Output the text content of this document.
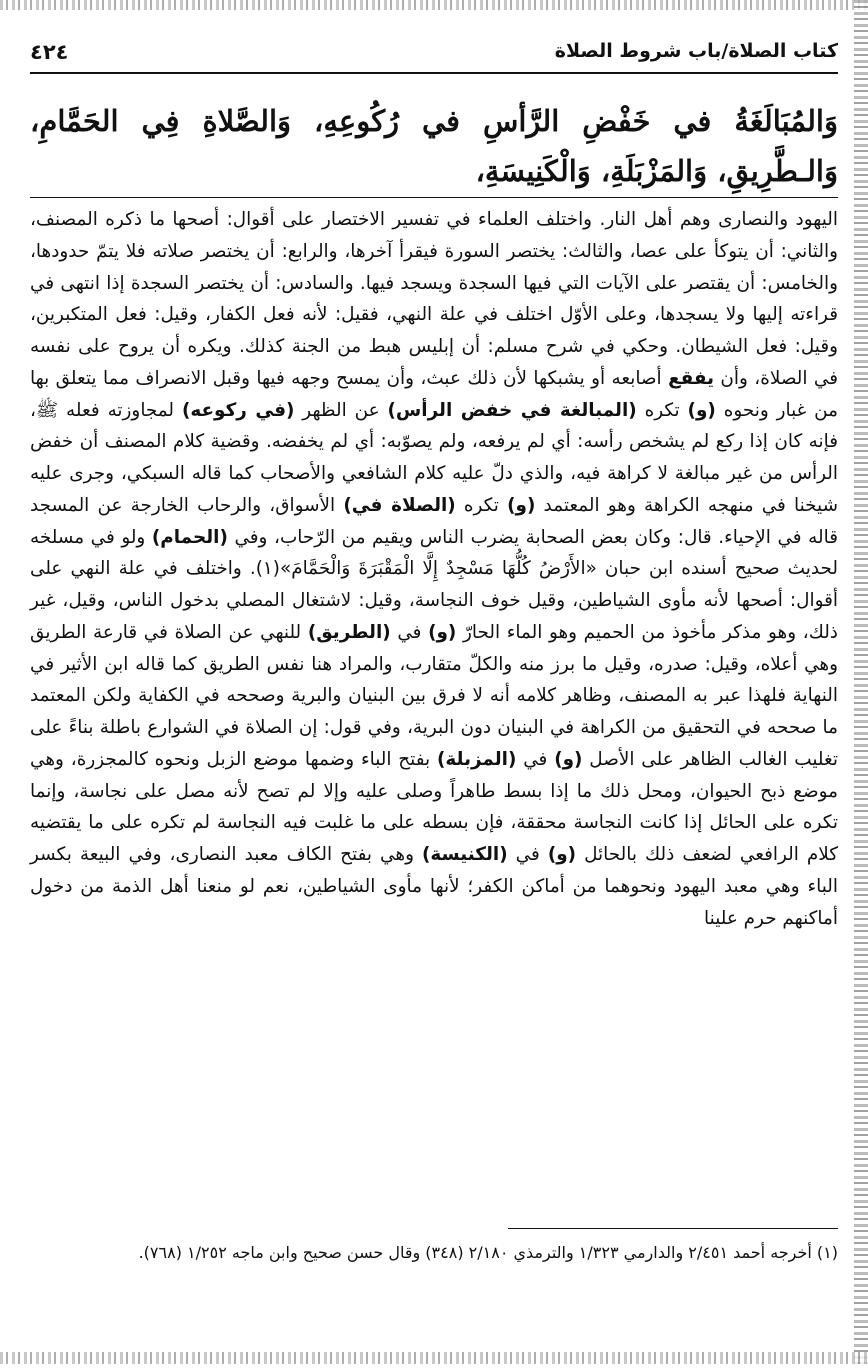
كتاب الصلاة/باب شروط الصلاة
٤٢٤
وَالمُبَالَغَةُ في خَفْضِ الرَّأسِ في رُكُوعِهِ، وَالصَّلاةِ فِي الحَمَّامِ، وَالـطَّرِيقِ، وَالمَزْبَلَةِ، وَالْكَنِيسَةِ،
اليهود والنصارى وهم أهل النار. واختلف العلماء في تفسير الاختصار على أقوال: أصحها ما ذكره المصنف، والثاني: أن يتوكأ على عصا، والثالث: يختصر السورة فيقرأ آخرها، والرابع: أن يختصر صلاته فلا يتمّ حدودها، والخامس: أن يقتصر على الآيات التي فيها السجدة ويسجد فيها. والسادس: أن يختصر السجدة إذا انتهى في قراءته إليها ولا يسجدها، وعلى الأوّل اختلف في علة النهي، فقيل: لأنه فعل الكفار، وقيل: فعل المتكبرين، وقيل: فعل الشيطان. وحكي في شرح مسلم: أن إبليس هبط من الجنة كذلك. ويكره أن يروح على نفسه في الصلاة، وأن يفقع أصابعه أو يشبكها لأن ذلك عبث، وأن يمسح وجهه فيها وقبل الانصراف مما يتعلق بها من غبار ونحوه (و) تكره (المبالغة في خفض الرأس) عن الظهر (في ركوعه) لمجاوزته فعله ﷺ، فإنه كان إذا ركع لم يشخص رأسه: أي لم يرفعه، ولم يصوّبه: أي لم يخفضه. وقضية كلام المصنف أن خفض الرأس من غير مبالغة لا كراهة فيه، والذي دلّ عليه كلام الشافعي والأصحاب كما قاله السبكي، وجرى عليه شيخنا في منهجه الكراهة وهو المعتمد (و) تكره (الصلاة في) الأسواق، والرحاب الخارجة عن المسجد قاله في الإحياء. قال: وكان بعض الصحابة يضرب الناس ويقيم من الرّحاب، وفي (الحمام) ولو في مسلخه لحديث صحيح أسنده ابن حبان «الأَرْضُ كُلُّهَا مَسْجِدٌ إِلَّا الْمَقْبَرَةَ وَالْحَمَّامَ»(١). واختلف في علة النهي على أقوال: أصحها لأنه مأوى الشياطين، وقيل خوف النجاسة، وقيل: لاشتغال المصلي بدخول الناس، وقيل، غير ذلك، وهو مذكر مأخوذ من الحميم وهو الماء الحارّ (و) في (الطريق) للنهي عن الصلاة في قارعة الطريق وهي أعلاه، وقيل: صدره، وقيل ما برز منه والكلّ متقارب، والمراد هنا نفس الطريق كما قاله ابن الأثير في النهاية فلهذا عبر به المصنف، وظاهر كلامه أنه لا فرق بين البنيان والبرية وصححه في الكفاية ولكن المعتمد ما صححه في التحقيق من الكراهة في البنيان دون البرية، وفي قول: إن الصلاة في الشوارع باطلة بناءً على تغليب الغالب الظاهر على الأصل (و) في (المزبلة) بفتح الباء وضمها موضع الزبل ونحوه كالمجزرة، وهي موضع ذبح الحيوان، ومحل ذلك ما إذا بسط طاهراً وصلى عليه وإلا لم تصح لأنه مصل على نجاسة، وإنما تكره على الحائل إذا كانت النجاسة محققة، فإن بسطه على ما غلبت فيه النجاسة لم تكره على ما يقتضيه كلام الرافعي لضعف ذلك بالحائل (و) في (الكنيسة) وهي بفتح الكاف معبد النصارى، وفي البيعة بكسر الباء وهي معبد اليهود ونحوهما من أماكن الكفر؛ لأنها مأوى الشياطين، نعم لو منعنا أهل الذمة من دخول أماكنهم حرم علينا
(١) أخرجه أحمد ٢/٤٥١ والدارمي ١/٣٢٣ والترمذي ٢/١٨٠ (٣٤٨) وقال حسن صحيح وابن ماجه ١/٢٥٢ (٧٦٨).
